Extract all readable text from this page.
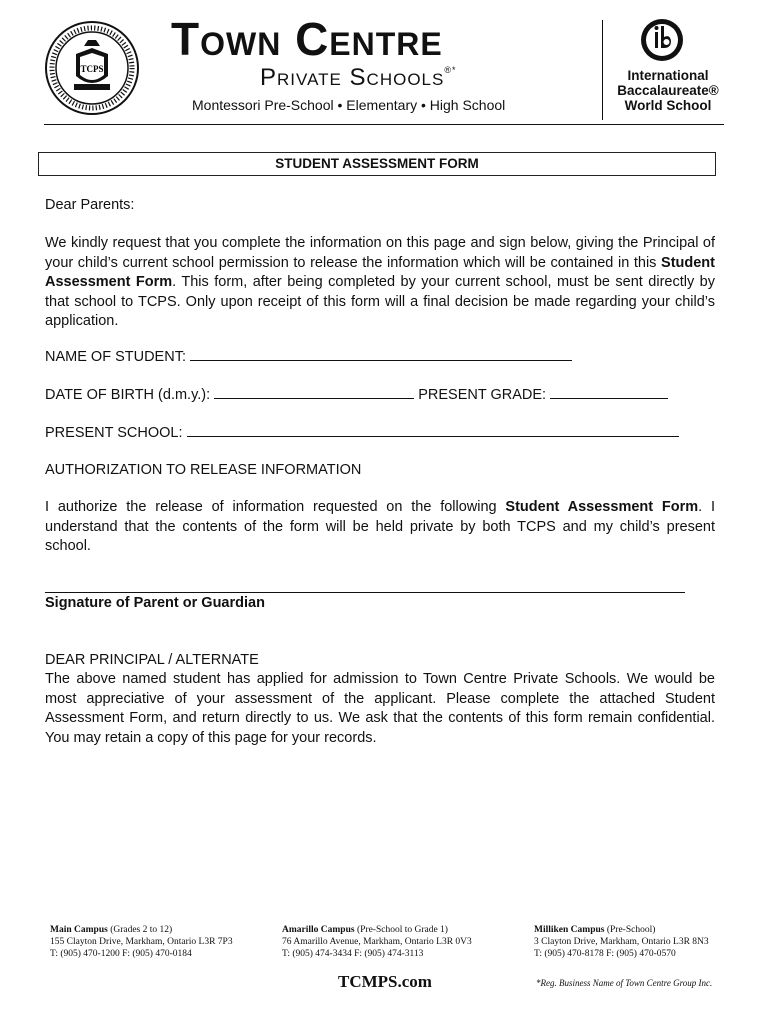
TCPS
Town Centre
Private Schools®*
Montessori Pre-School • Elementary • High School
International
Baccalaureate®
World School
STUDENT ASSESSMENT FORM
Dear Parents:
We kindly request that you complete the information on this page and sign below, giving the Principal of your child’s current school permission to release the information which will be contained in this Student Assessment Form. This form, after being completed by your current school, must be sent directly by that school to TCPS. Only upon receipt of this form will a final decision be made regarding your child’s application.
NAME OF STUDENT:
DATE OF BIRTH (d.m.y.):	PRESENT GRADE:
PRESENT SCHOOL:
AUTHORIZATION TO RELEASE INFORMATION
I authorize the release of information requested on the following Student Assessment Form. I understand that the contents of the form will be held private by both TCPS and my child’s present school.
Signature of Parent or Guardian
DEAR PRINCIPAL / ALTERNATE
The above named student has applied for admission to Town Centre Private Schools. We would be most appreciative of your assessment of the applicant. Please complete the attached Student Assessment Form, and return directly to us. We ask that the contents of this form remain confidential. You may retain a copy of this page for your records.
Main Campus (Grades 2 to 12)
155 Clayton Drive, Markham, Ontario L3R 7P3
T: (905) 470-1200 F: (905) 470-0184
Amarillo Campus (Pre-School to Grade 1)
76 Amarillo Avenue, Markham, Ontario L3R 0V3
T: (905) 474-3434 F: (905) 474-3113
Milliken Campus (Pre-School)
3 Clayton Drive, Markham, Ontario L3R 8N3
T: (905) 470-8178 F: (905) 470-0570
TCMPS.com	*Reg. Business Name of Town Centre Group Inc.
